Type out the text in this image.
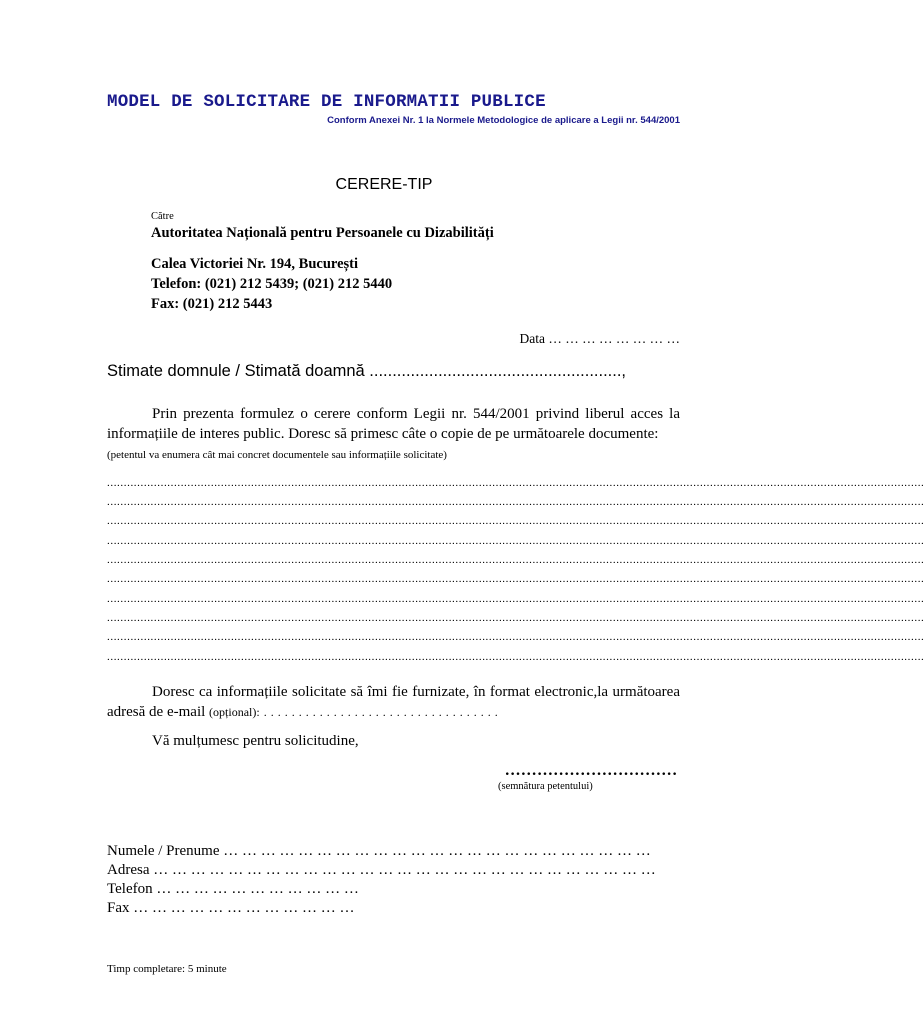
MODEL DE SOLICITARE DE INFORMATII PUBLICE
Conform Anexei Nr. 1 la Normele Metodologice de aplicare a Legii nr. 544/2001
CERERE-TIP
Către
Autoritatea Națională pentru Persoanele cu Dizabilități
Calea Victoriei Nr. 194, București
Telefon: (021) 212 5439; (021) 212 5440
Fax: (021) 212 5443
Data … … … … … … … …
Stimate domnule / Stimată doamnă .......................................................,
Prin prezenta formulez o cerere conform Legii nr. 544/2001 privind liberul acces la informațiile de interes public. Doresc să primesc câte o copie de pe următoarele documente:
(petentul va enumera cât mai concret documentele sau informațiile solicitate)
....................................................................................................................................................................................................................................................
....................................................................................................................................................................................................................................................
....................................................................................................................................................................................................................................................
....................................................................................................................................................................................................................................................
....................................................................................................................................................................................................................................................
....................................................................................................................................................................................................................................................
....................................................................................................................................................................................................................................................
....................................................................................................................................................................................................................................................
....................................................................................................................................................................................................................................................
....................................................................................................................................................................................................................................................
Doresc ca informațiile solicitate să îmi fie furnizate, în format electronic,la următoarea adresă de e-mail (opțional): . . . . . . . . . . . . . . . . . . . . . . . . . . . . . . . . . .
Vă mulțumesc pentru solicitudine,
................................
(semnătura petentului)
Numele / Prenume … … … … … … … … … … … … … … … … … … … … … … …
Adresa … … … … … … … … … … … … … … … … … … … … … … … … … … …
Telefon … … … … … … … … … … …
Fax … … … … … … … … … … … …
Timp completare: 5 minute
